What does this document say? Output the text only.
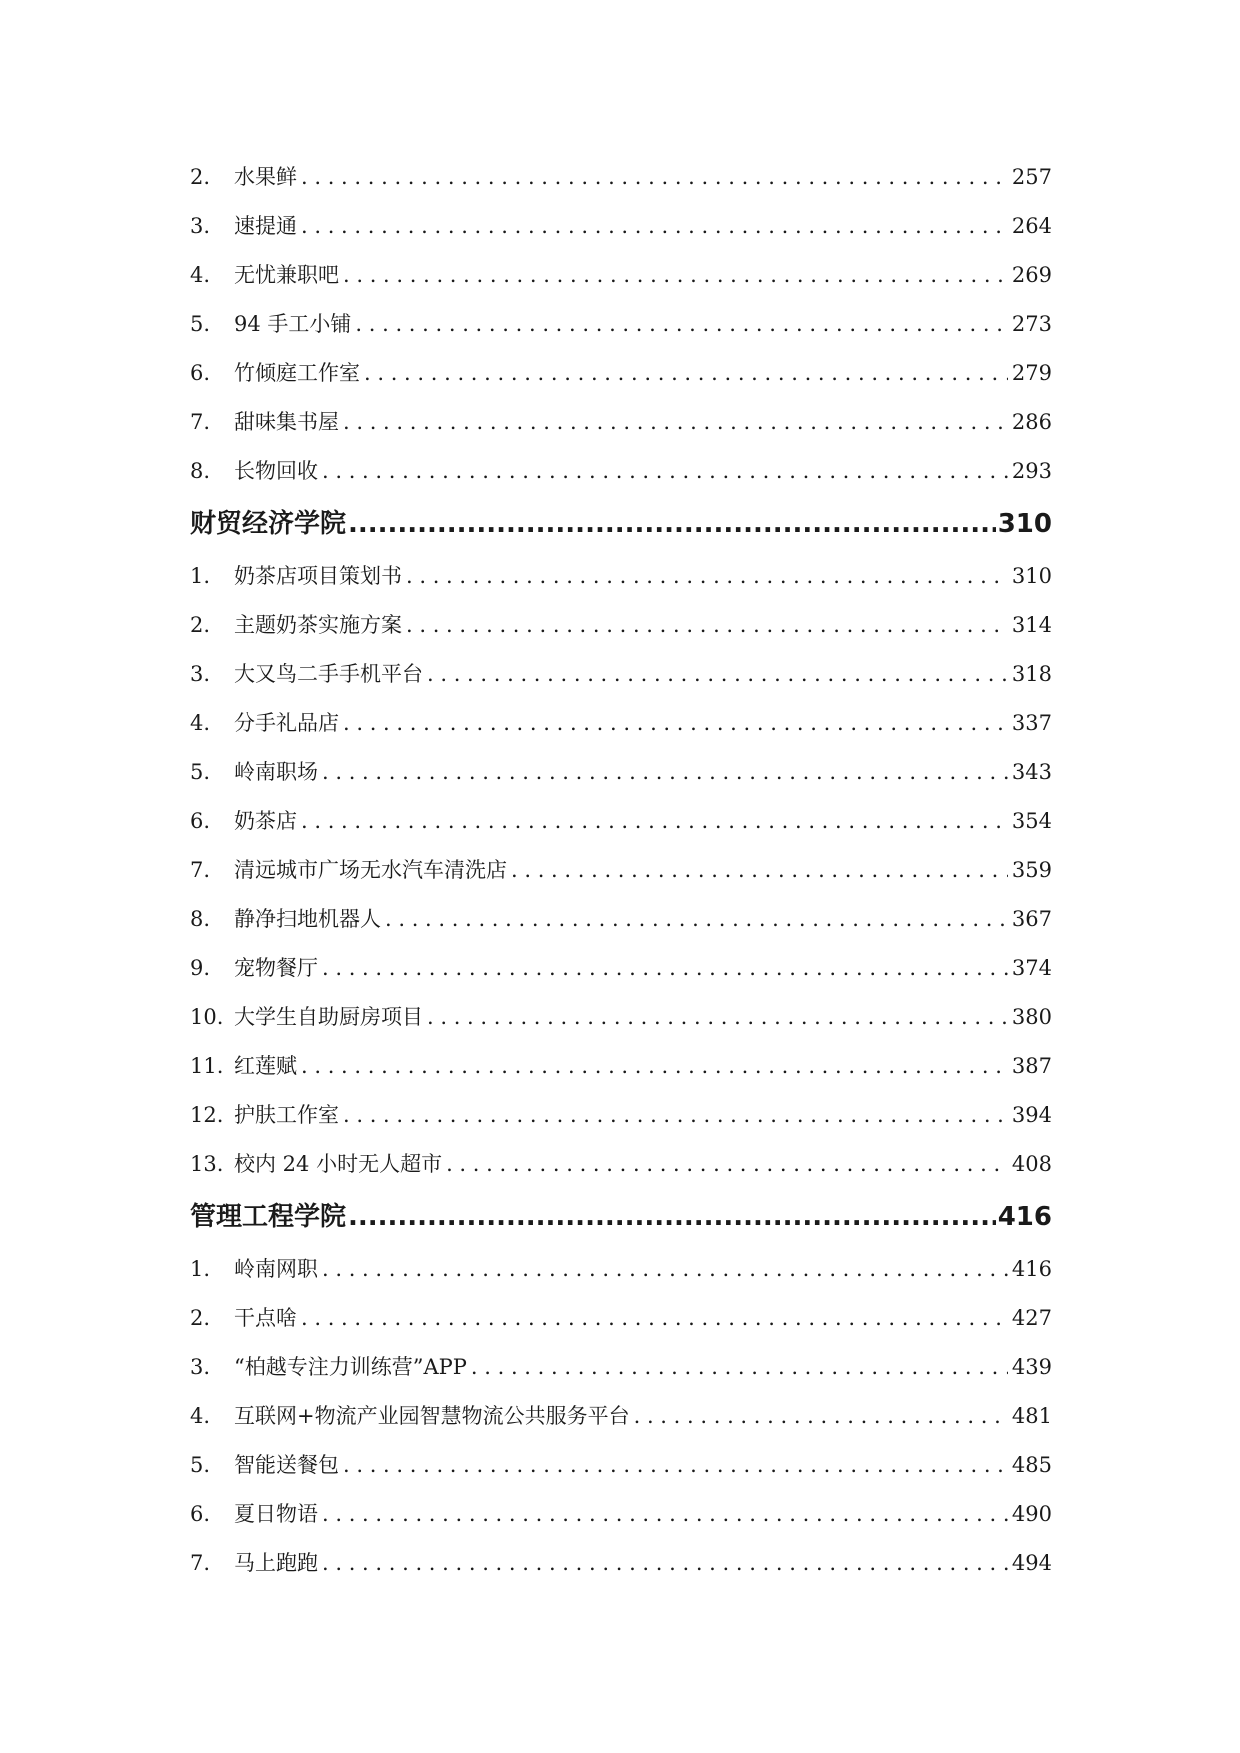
2.	水果鲜 . . .	257
3.	速提通 . . .	264
4.	无忧兼职吧 . . .	269
5.	94 手工小铺 . . .	273
6.	竹倾庭工作室 . . .	279
7.	甜味集书屋 . . .	286
8.	长物回收 . . .	293
财贸经济学院 .....	310
1.	奶茶店项目策划书 . . .	310
2.	主题奶茶实施方案 . . .	314
3.	大又鸟二手手机平台 . . .	318
4.	分手礼品店 . . .	337
5.	岭南职场 . . .	343
6.	奶茶店 . . .	354
7.	清远城市广场无水汽车清洗店 . . .	359
8.	静净扫地机器人 . . .	367
9.	宠物餐厅 . . .	374
10. 大学生自助厨房项目 . . .	380
11. 红莲赋 . . .	387
12. 护肤工作室 . . .	394
13. 校内 24 小时无人超市 . . .	408
管理工程学院 .....	416
1.	岭南网职 . . .	416
2.	干点啥 . . .	427
3.	“柏越专注力训练营”APP . . .	439
4.	互联网+物流产业园智慧物流公共服务平台 . . .	481
5.	智能送餐包 . . .	485
6.	夏日物语 . . .	490
7.	马上跑跑 . . .	494
